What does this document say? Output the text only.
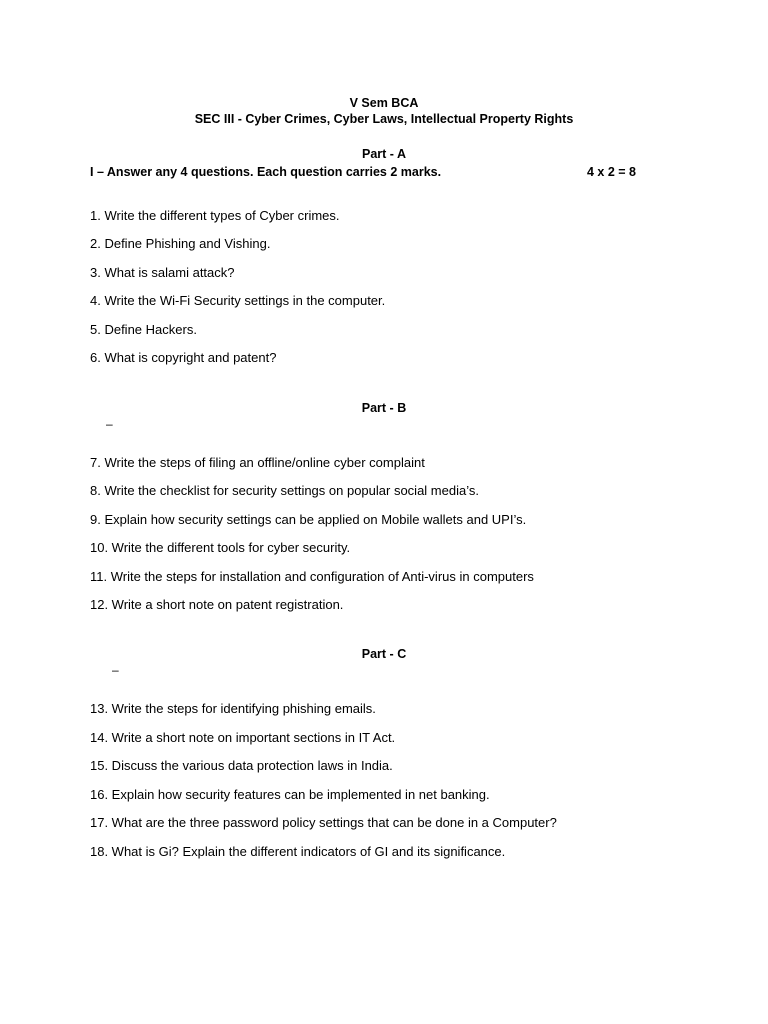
V Sem BCA
SEC III - Cyber Crimes, Cyber Laws, Intellectual Property Rights
Part - A
I – Answer any 4 questions. Each question carries 2 marks.	4 x 2 = 8
1. Write the different types of Cyber crimes.
2. Define Phishing and Vishing.
3. What is salami attack?
4. Write the Wi-Fi Security settings in the computer.
5. Define Hackers.
6. What is copyright and patent?
Part - B
–
7. Write the steps of filing an offline/online cyber complaint
8. Write the checklist for security settings on popular social media’s.
9. Explain how security settings can be applied on Mobile wallets and UPI’s.
10. Write the different tools for cyber security.
11. Write the steps for installation and configuration of Anti-virus in computers
12. Write a short note on patent registration.
Part - C
–
13. Write the steps for identifying phishing emails.
14. Write a short note on important sections in IT Act.
15. Discuss the various data protection laws in India.
16. Explain how security features can be implemented in net banking.
17. What are the three password policy settings that can be done in a Computer?
18. What is Gi? Explain the different indicators of GI and its significance.
